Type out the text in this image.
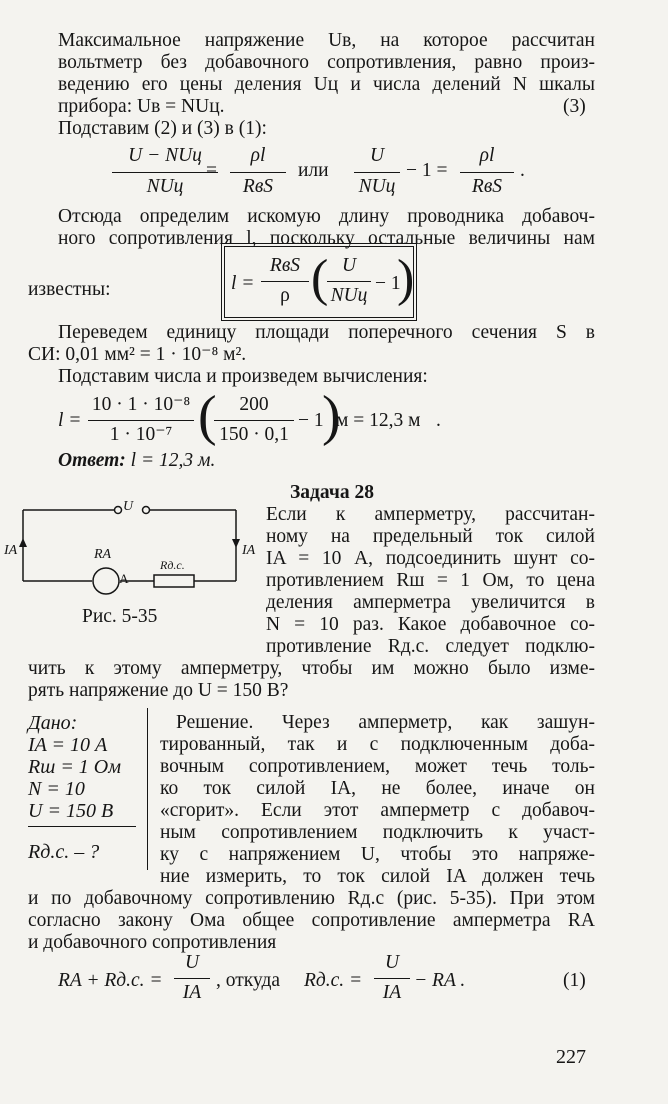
Максимальное напряжение Uв, на которое рассчитан
вольтметр без добавочного сопротивления, равно произ-
ведению его цены деления Uц и числа делений N шкалы
прибора: Uв = NUц.	(3)
Подставим (2) и (3) в (1):
U − NUц
NUц
=
ρl
RвS
или
U
NUц
− 1 =
ρl
RвS
.
Отсюда определим искомую длину проводника добавоч-
ного сопротивления l, поскольку остальные величины нам
известны:	l =
RвS
ρ ( U
NUц
− 1
)
Переведем единицу площади поперечного сечения S в
СИ: 0,01 мм² = 1 · 10⁻⁸ м².
Подставим числа и произведем вычисления:
l =
10 · 1 · 10⁻⁸
1 · 10⁻⁷ (	200
150 · 0,1
− 1
)
м = 12,3 м .
Ответ: l = 12,3 м.
U
IA	IA
RA
Rд.с.
A
Рис. 5-35
Задача 28
Если к амперметру, рассчитан-
ному на предельный ток силой
IA = 10 А, подсоединить шунт со-
противлением Rш = 1 Ом, то цена
деления амперметра увеличится в
N = 10 раз. Какое добавочное со-
противление Rд.с. следует подклю-
чить к этому амперметру, чтобы им можно было изме-
рять напряжение до U = 150 В?
Дано:
IA = 10 А
Rш = 1 Ом
N = 10
U = 150 В
Rд.с. – ?
Решение. Через амперметр, как зашун-
тированный, так и с подключенным доба-
вочным сопротивлением, может течь толь-
ко ток силой IA, не более, иначе он
«сгорит». Если этот амперметр с добавоч-
ным сопротивлением подключить к участ-
ку с напряжением U, чтобы это напряже-
ние измерить, то ток силой IA должен течь
и по добавочному сопротивлению Rд.с (рис. 5-35). При этом
согласно закону Ома общее сопротивление амперметра RA
и добавочного сопротивления
RA + Rд.с. =
U
IA
, откуда Rд.с. =
U
IA
− RA .	(1)
227
